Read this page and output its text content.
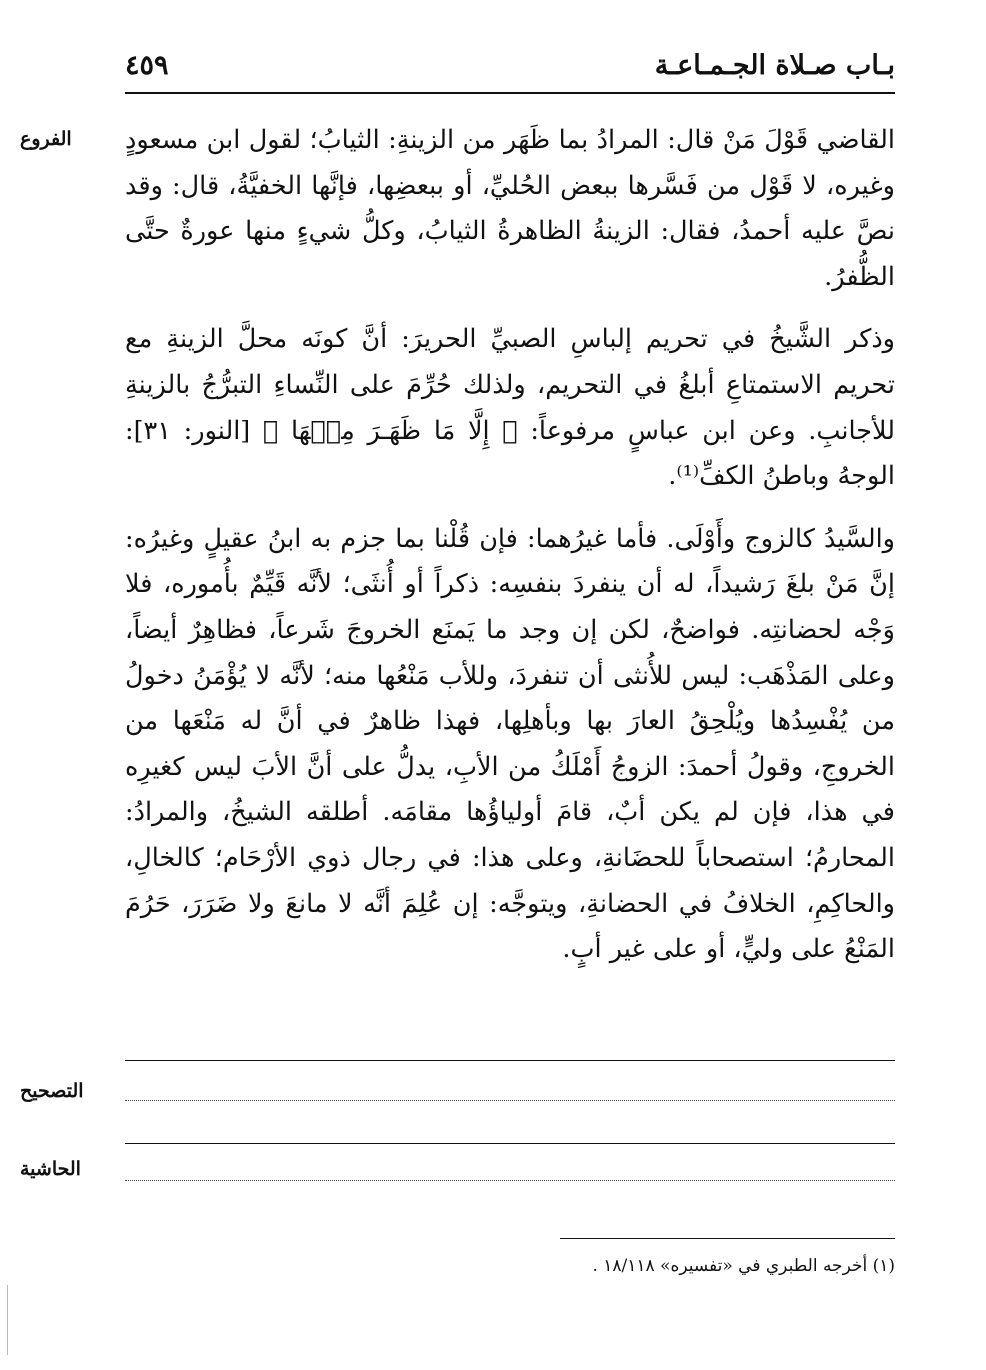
بـاب صـلاة الجـمـاعـة
٤٥٩
الفروع القاضي قَوْلَ مَنْ قال: المرادُ بما ظَهَر من الزينةِ: الثيابُ؛ لقول ابن مسعودٍ وغيره، لا قَوْل من فَسَّرها ببعض الحُليِّ، أو ببعضِها، فإنَّها الخفيَّةُ، قال: وقد نصَّ عليه أحمدُ، فقال: الزينةُ الظاهرةُ الثيابُ، وكلُّ شيءٍ منها عورةٌ حتَّى الظُّفرُ.

وذكر الشَّيخُ في تحريم إلباسِ الصبيِّ الحريرَ: أنَّ كونَه محلَّ الزينةِ مع تحريم الاستمتاعِ أبلغُ في التحريم، ولذلك حُرِّمَ على النِّساءِ التبرُّجُ بالزينةِ للأجانبِ. وعن ابن عباسٍ مرفوعاً: ﴿ إِلَّا مَا ظَهَـرَ مِنۡهَا ﴾ [النور: ٣١]: الوجهُ وباطنُ الكفِّ⁽¹⁾.

والسَّيدُ كالزوج وأَوْلَى. فأما غيرُهما: فإن قُلْنا بما جزم به ابنُ عقيلٍ وغيرُه: إنَّ مَنْ بلغَ رَشيداً، له أن ينفردَ بنفسِه: ذكراً أو أُنثَى؛ لأنَّه قَيِّمٌ بأُموره، فلا وَجْه لحضانتِه. فواضحٌ، لكن إن وجد ما يَمنَع الخروجَ شَرعاً، فظاهِرٌ أيضاً، وعلى المَذْهَب: ليس للأُنثى أن تنفردَ، وللأب مَنْعُها منه؛ لأنَّه لا يُؤْمَنُ دخولُ من يُفْسِدُها ويُلْحِقُ العارَ بها وبأهلِها، فهذا ظاهرٌ في أنَّ له مَنْعَها من الخروجِ، وقولُ أحمدَ: الزوجُ أَمْلَكُ من الأبِ، يدلُّ على أنَّ الأبَ ليس كغيرِه في هذا، فإن لم يكن أبٌ، قامَ أولياؤُها مقامَه. أطلقه الشيخُ، والمرادُ: المحارمُ؛ استصحاباً للحضَانةِ، وعلى هذا: في رجال ذوي الأرْحَام؛ كالخالِ، والحاكِمِ، الخلافُ في الحضانةِ، ويتوجَّه: إن عُلِمَ أنَّه لا مانعَ ولا ضَرَرَ، حَرُمَ المَنْعُ على وليٍّ، أو على غير أبٍ.

التصحيح
الحاشية
(١) أخرجه الطبري في «تفسيره» ١٨/١١٨ .
